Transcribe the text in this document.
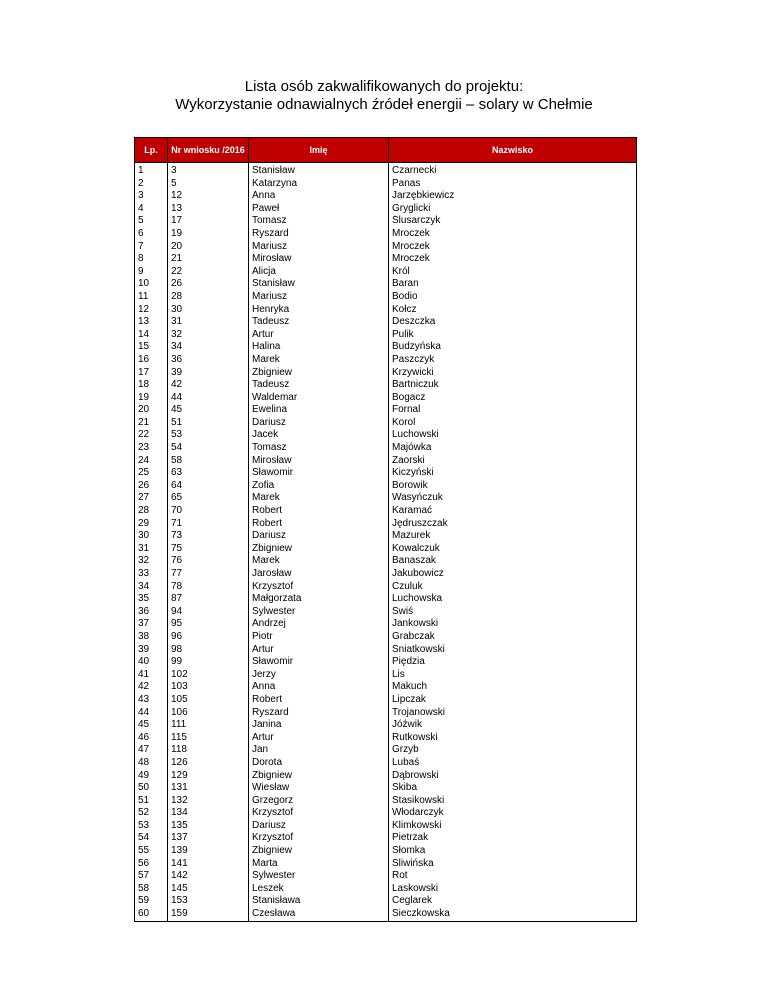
Lista osób zakwalifikowanych do projektu:
Wykorzystanie odnawialnych źródeł energii – solary w Chełmie
Lp.	Nr wniosku /2016	Imię	Nazwisko

1	3	Stanisław	Czarnecki
2	5	Katarzyna	Panas
3	12	Anna	Jarzębkiewicz
4	13	Paweł	Gryglicki
5	17	Tomasz	Ślusarczyk
6	19	Ryszard	Mroczek
7	20	Mariusz	Mroczek
8	21	Mirosław	Mroczek
9	22	Alicja	Król
10	26	Stanisław	Baran
11	28	Mariusz	Bodio
12	30	Henryka	Kołcz
13	31	Tadeusz	Deszczka
14	32	Artur	Pulik
15	34	Halina	Budzyńska
16	36	Marek	Paszczyk
17	39	Zbigniew	Krzywicki
18	42	Tadeusz	Bartniczuk
19	44	Waldemar	Bogacz
20	45	Ewelina	Fornal
21	51	Dariusz	Korol
22	53	Jacek	Luchowski
23	54	Tomasz	Majówka
24	58	Mirosław	Zaorski
25	63	Sławomir	Kiczyński
26	64	Zofia	Borowik
27	65	Marek	Wasyńczuk
28	70	Robert	Karamać
29	71	Robert	Jędruszczak
30	73	Dariusz	Mazurek
31	75	Zbigniew	Kowalczuk
32	76	Marek	Banaszak
33	77	Jarosław	Jakubowicz
34	78	Krzysztof	Czuluk
35	87	Małgorzata	Luchowska
36	94	Sylwester	Świś
37	95	Andrzej	Jankowski
38	96	Piotr	Grabczak
39	98	Artur	Śniatkowski
40	99	Sławomir	Piędzia
41	102	Jerzy	Lis
42	103	Anna	Makuch
43	105	Robert	Lipczak
44	106	Ryszard	Trojanowski
45	111	Janina	Jóźwik
46	115	Artur	Rutkowski
47	118	Jan	Grzyb
48	126	Dorota	Lubaś
49	129	Zbigniew	Dąbrowski
50	131	Wiesław	Skiba
51	132	Grzegorz	Stasikowski
52	134	Krzysztof	Włodarczyk
53	135	Dariusz	Klimkowski
54	137	Krzysztof	Pietrzak
55	139	Zbigniew	Słomka
56	141	Marta	Śliwińska
57	142	Sylwester	Rot
58	145	Leszek	Laskowski
59	153	Stanisława	Ceglarek
60	159	Czesława	Sieczkowska
